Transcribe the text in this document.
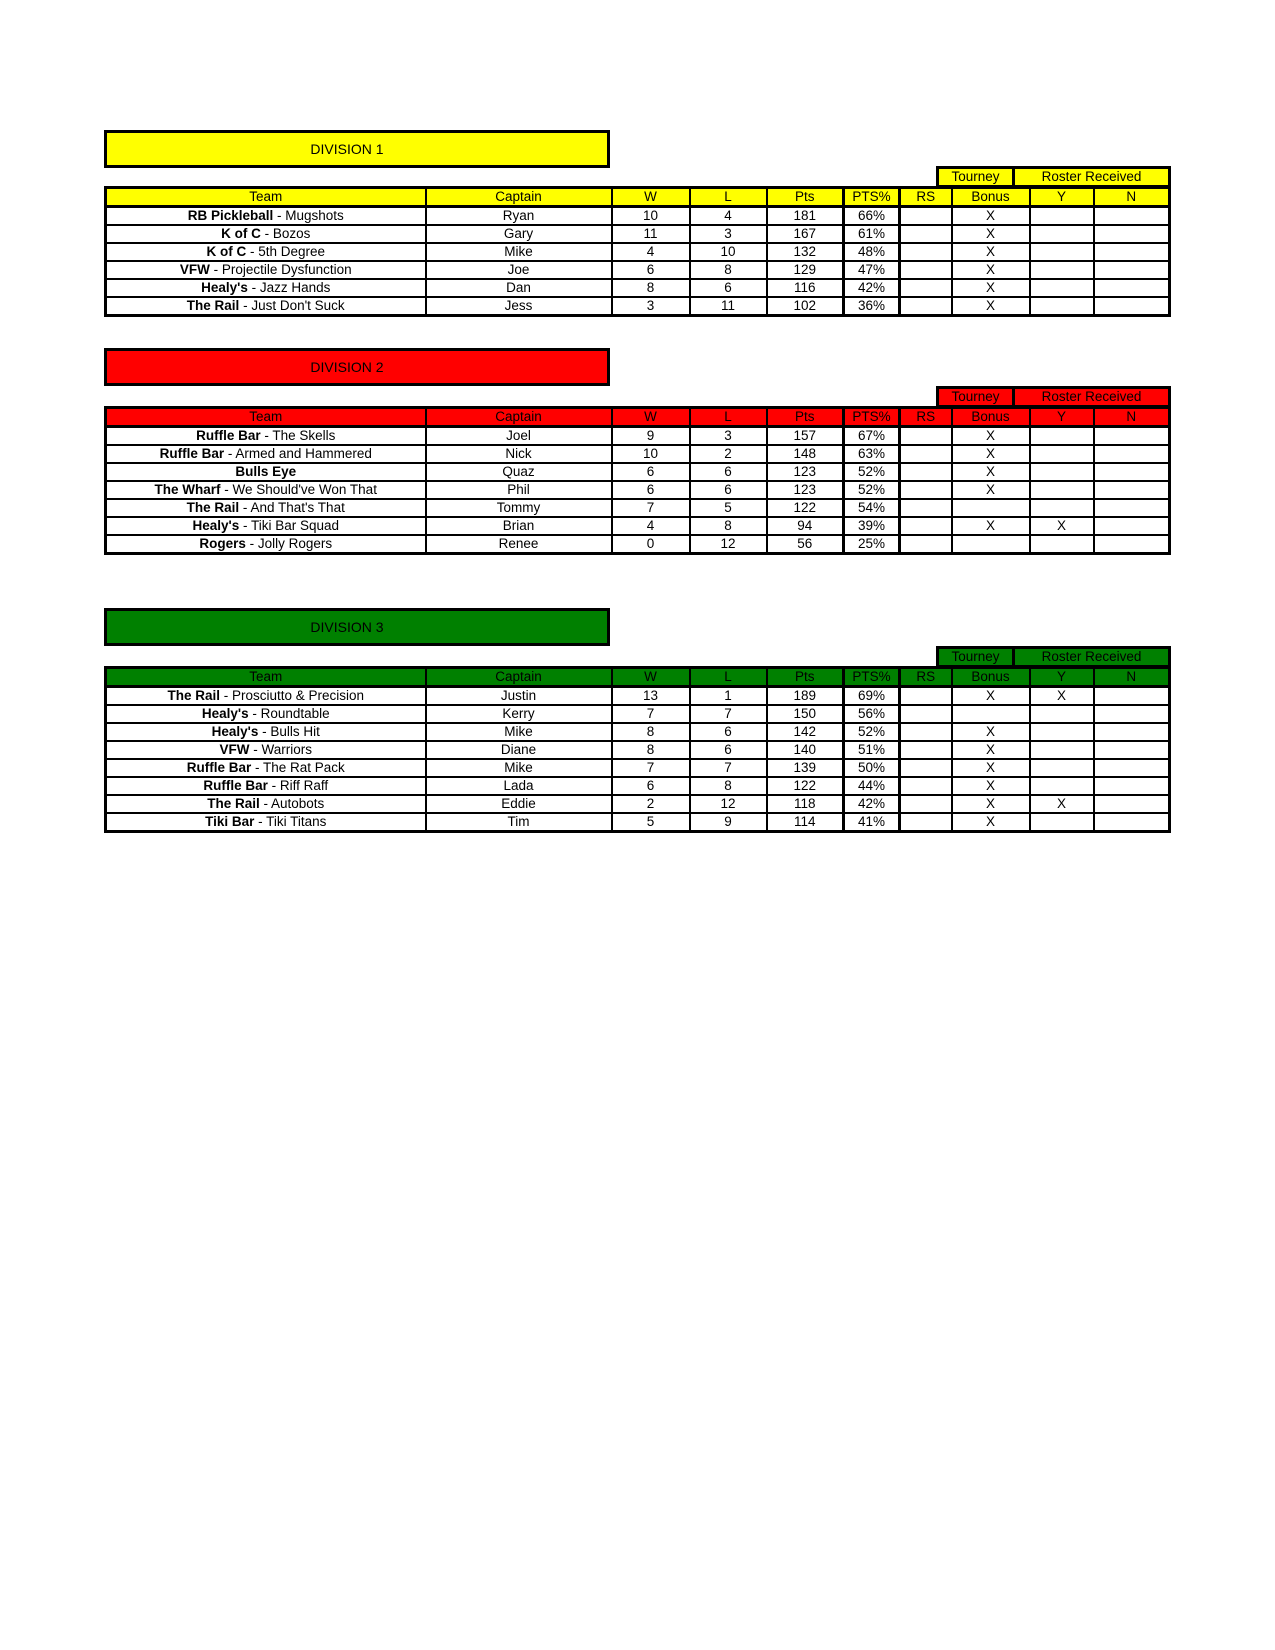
DIVISION 1
Tourney	Roster Received
Team	Captain	W	L	Pts	PTS%	RS	Bonus	Y	N
RB Pickleball - Mugshots	Ryan	10	4	181	66%		X		
K of C - Bozos	Gary	11	3	167	61%		X		
K of C - 5th Degree	Mike	4	10	132	48%		X		
VFW - Projectile Dysfunction	Joe	6	8	129	47%		X		
Healy's - Jazz Hands	Dan	8	6	116	42%		X		
The Rail - Just Don't Suck	Jess	3	11	102	36%		X		
DIVISION 2
Tourney	Roster Received
Team	Captain	W	L	Pts	PTS%	RS	Bonus	Y	N
Ruffle Bar - The Skells	Joel	9	3	157	67%		X		
Ruffle Bar - Armed and Hammered	Nick	10	2	148	63%		X		
Bulls Eye	Quaz	6	6	123	52%		X		
The Wharf - We Should've Won That	Phil	6	6	123	52%		X		
The Rail - And That's That	Tommy	7	5	122	54%				
Healy's - Tiki Bar Squad	Brian	4	8	94	39%		X	X	
Rogers - Jolly Rogers	Renee	0	12	56	25%				
DIVISION 3
Tourney	Roster Received
Team	Captain	W	L	Pts	PTS%	RS	Bonus	Y	N
The Rail - Prosciutto & Precision	Justin	13	1	189	69%		X	X	
Healy's - Roundtable	Kerry	7	7	150	56%				
Healy's - Bulls Hit	Mike	8	6	142	52%		X		
VFW - Warriors	Diane	8	6	140	51%		X		
Ruffle Bar - The Rat Pack	Mike	7	7	139	50%		X		
Ruffle Bar - Riff Raff	Lada	6	8	122	44%		X		
The Rail - Autobots	Eddie	2	12	118	42%		X	X	
Tiki Bar - Tiki Titans	Tim	5	9	114	41%		X		
